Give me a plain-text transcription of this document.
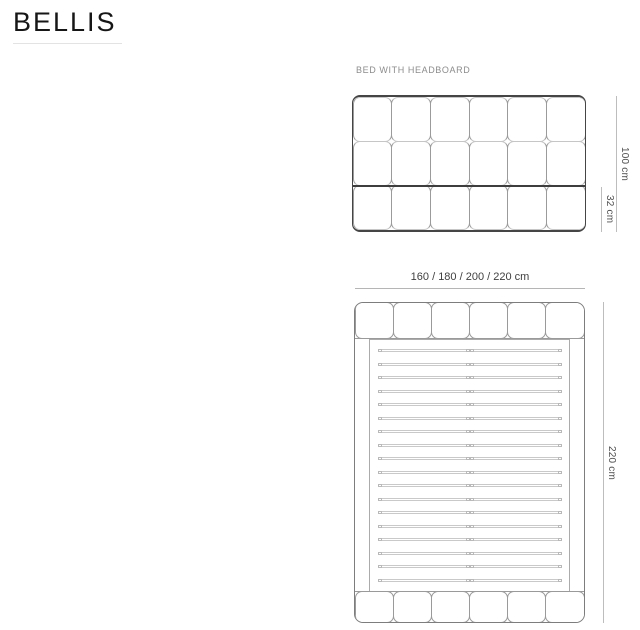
BELLIS
BED WITH HEADBOARD
100 cm
32 cm
160 / 180 / 200 / 220 cm
220 cm
